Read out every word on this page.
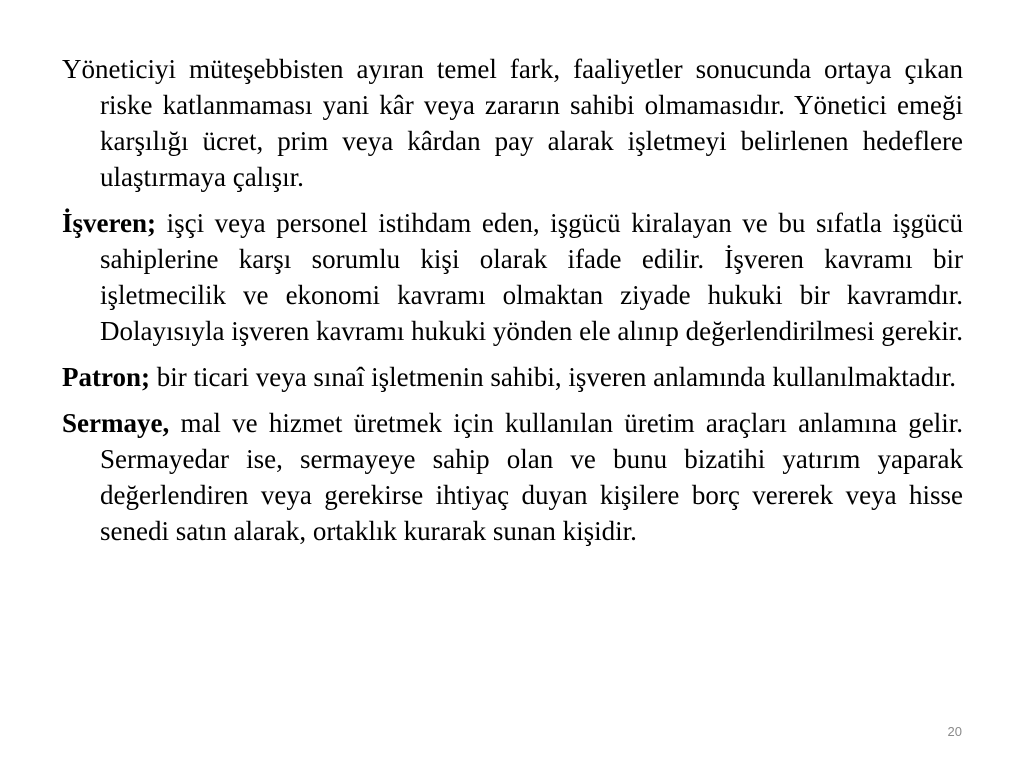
Yöneticiyi müteşebbisten ayıran temel fark, faaliyetler sonucunda ortaya çıkan riske katlanmaması yani kâr veya zararın sahibi olmamasıdır. Yönetici emeği karşılığı ücret, prim veya kârdan pay alarak işletmeyi belirlenen hedeflere ulaştırmaya çalışır.

İşveren; işçi veya personel istihdam eden, işgücü kiralayan ve bu sıfatla işgücü sahiplerine karşı sorumlu kişi olarak ifade edilir. İşveren kavramı bir işletmecilik ve ekonomi kavramı olmaktan ziyade hukuki bir kavramdır. Dolayısıyla işveren kavramı hukuki yönden ele alınıp değerlendirilmesi gerekir.

Patron; bir ticari veya sınaî işletmenin sahibi, işveren anlamında kullanılmaktadır.

Sermaye, mal ve hizmet üretmek için kullanılan üretim araçları anlamına gelir. Sermayedar ise, sermayeye sahip olan ve bunu bizatihi yatırım yaparak değerlendiren veya gerekirse ihtiyaç duyan kişilere borç vererek veya hisse senedi satın alarak, ortaklık kurarak sunan kişidir.

20
